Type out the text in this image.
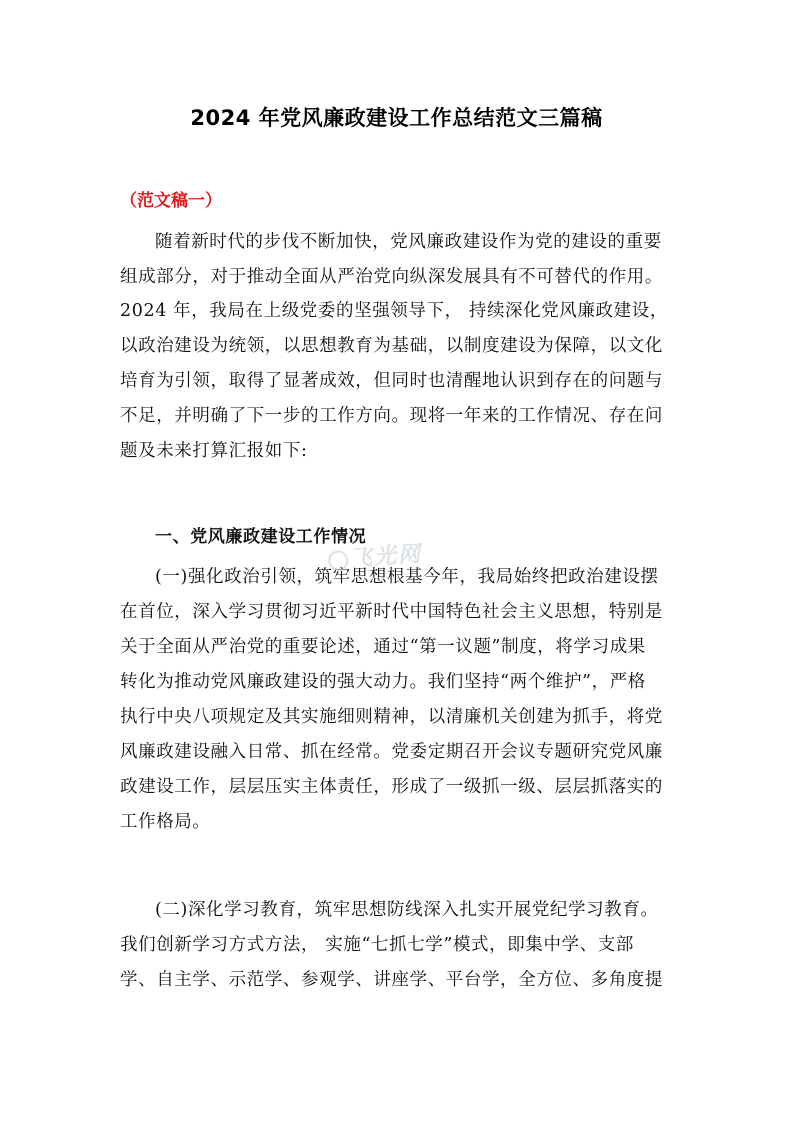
2024 年党风廉政建设工作总结范文三篇稿
（范文稿一）
随着新时代的步伐不断加快，党风廉政建设作为党的建设的重要
组成部分，对于推动全面从严治党向纵深发展具有不可替代的作用。
2024 年，我局在上级党委的坚强领导下， 持续深化党风廉政建设，
以政治建设为统领，以思想教育为基础，以制度建设为保障，以文化
培育为引领，取得了显著成效，但同时也清醒地认识到存在的问题与
不足，并明确了下一步的工作方向。现将一年来的工作情况、存在问
题及未来打算汇报如下:
一、党风廉政建设工作情况
(一)强化政治引领，筑牢思想根基今年，我局始终把政治建设摆
在首位，深入学习贯彻习近平新时代中国特色社会主义思想，特别是
关于全面从严治党的重要论述，通过“第一议题”制度，将学习成果
转化为推动党风廉政建设的强大动力。我们坚持“两个维护”，严格
执行中央八项规定及其实施细则精神，以清廉机关创建为抓手，将党
风廉政建设融入日常、抓在经常。党委定期召开会议专题研究党风廉
政建设工作，层层压实主体责任，形成了一级抓一级、层层抓落实的
工作格局。
(二)深化学习教育，筑牢思想防线深入扎实开展党纪学习教育。
我们创新学习方式方法， 实施“七抓七学”模式，即集中学、支部
学、自主学、示范学、参观学、讲座学、平台学，全方位、多角度提
飞光网
